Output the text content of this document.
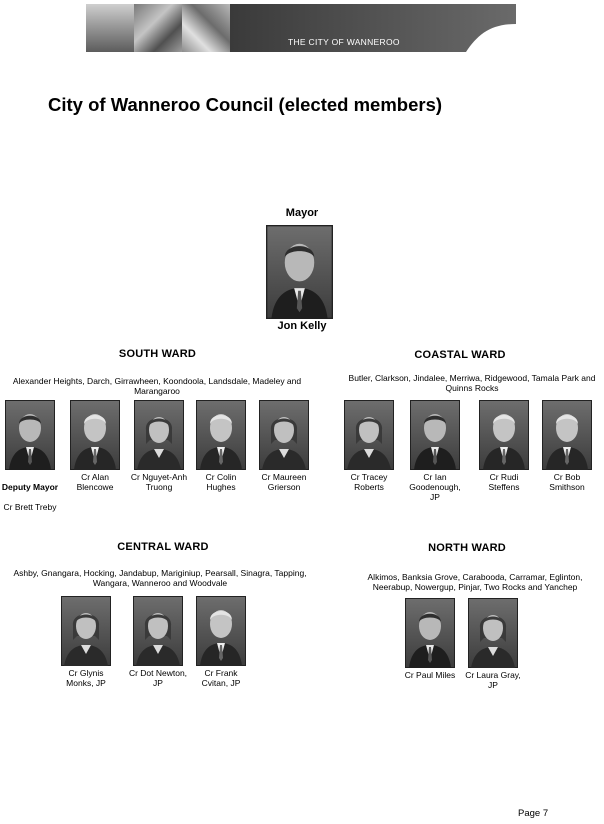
THE CITY OF WANNEROO
City of Wanneroo Council (elected members)
Mayor
Jon Kelly
SOUTH WARD
Alexander Heights, Darch, Girrawheen, Koondoola, Landsdale, Madeley and Marangaroo

Deputy Mayor

Cr Brett Treby

Cr Alan Blencowe
Cr Nguyet-Anh Truong
Cr Colin Hughes
Cr Maureen Grierson
COASTAL WARD
Butler, Clarkson, Jindalee, Merriwa, Ridgewood, Tamala Park and Quinns Rocks
Cr Tracey Roberts
Cr Ian Goodenough, JP
Cr Rudi Steffens
Cr Bob Smithson
CENTRAL WARD
Ashby, Gnangara, Hocking, Jandabup, Mariginiup, Pearsall, Sinagra, Tapping, Wangara, Wanneroo and Woodvale
Cr Glynis Monks, JP
Cr Dot Newton, JP
Cr Frank Cvitan, JP
NORTH WARD
Alkimos, Banksia Grove, Carabooda, Carramar, Eglinton, Neerabup, Nowergup, Pinjar, Two Rocks and Yanchep
Cr Paul Miles	Cr Laura Gray, JP
Page 7
